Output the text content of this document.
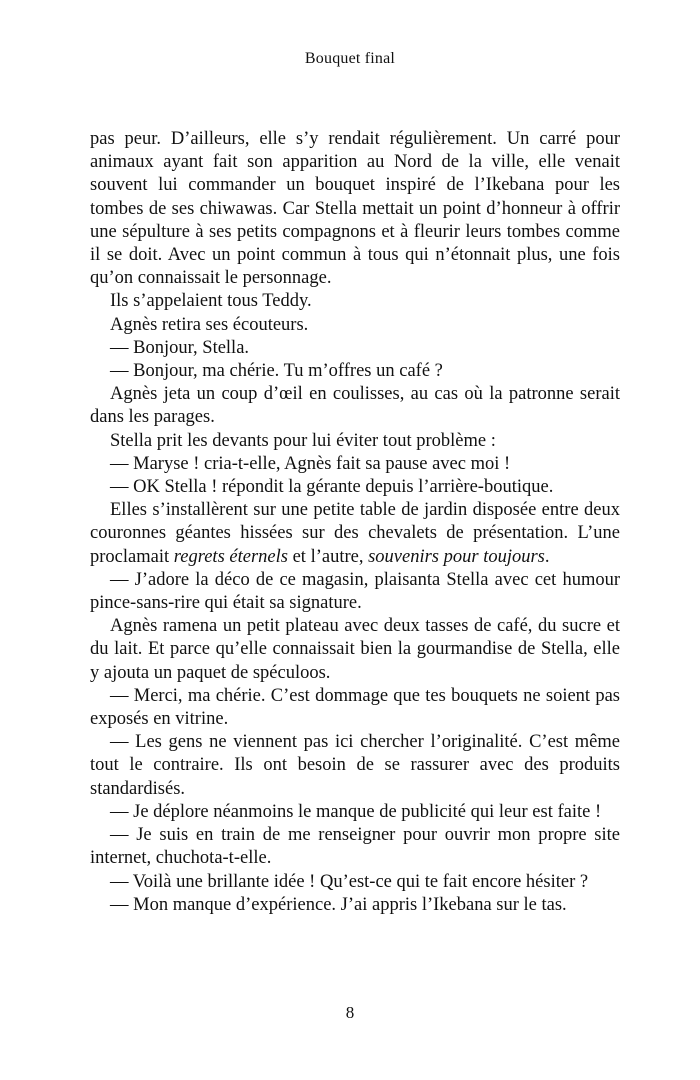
Bouquet final

pas peur. D’ailleurs, elle s’y rendait régulièrement. Un carré pour animaux ayant fait son apparition au Nord de la ville, elle venait souvent lui commander un bouquet inspiré de l’Ikebana pour les tombes de ses chiwawas. Car Stella mettait un point d’honneur à offrir une sépulture à ses petits compagnons et à fleurir leurs tombes comme il se doit. Avec un point commun à tous qui n’étonnait plus, une fois qu’on connaissait le personnage.

Ils s’appelaient tous Teddy.

Agnès retira ses écouteurs.

— Bonjour, Stella.

— Bonjour, ma chérie. Tu m’offres un café ?

Agnès jeta un coup d’œil en coulisses, au cas où la patronne serait dans les parages.

Stella prit les devants pour lui éviter tout problème :

— Maryse ! cria-t-elle, Agnès fait sa pause avec moi !

— OK Stella ! répondit la gérante depuis l’arrière-boutique.

Elles s’installèrent sur une petite table de jardin disposée entre deux couronnes géantes hissées sur des chevalets de présentation. L’une proclamait regrets éternels et l’autre, souvenirs pour toujours.

— J’adore la déco de ce magasin, plaisanta Stella avec cet humour pince-sans-rire qui était sa signature.

Agnès ramena un petit plateau avec deux tasses de café, du sucre et du lait. Et parce qu’elle connaissait bien la gourmandise de Stella, elle y ajouta un paquet de spéculoos.

— Merci, ma chérie. C’est dommage que tes bouquets ne soient pas exposés en vitrine.

— Les gens ne viennent pas ici chercher l’originalité. C’est même tout le contraire. Ils ont besoin de se rassurer avec des produits standardisés.

— Je déplore néanmoins le manque de publicité qui leur est faite !

— Je suis en train de me renseigner pour ouvrir mon propre site internet, chuchota-t-elle.

— Voilà une brillante idée ! Qu’est-ce qui te fait encore hésiter ?

— Mon manque d’expérience. J’ai appris l’Ikebana sur le tas.

8
